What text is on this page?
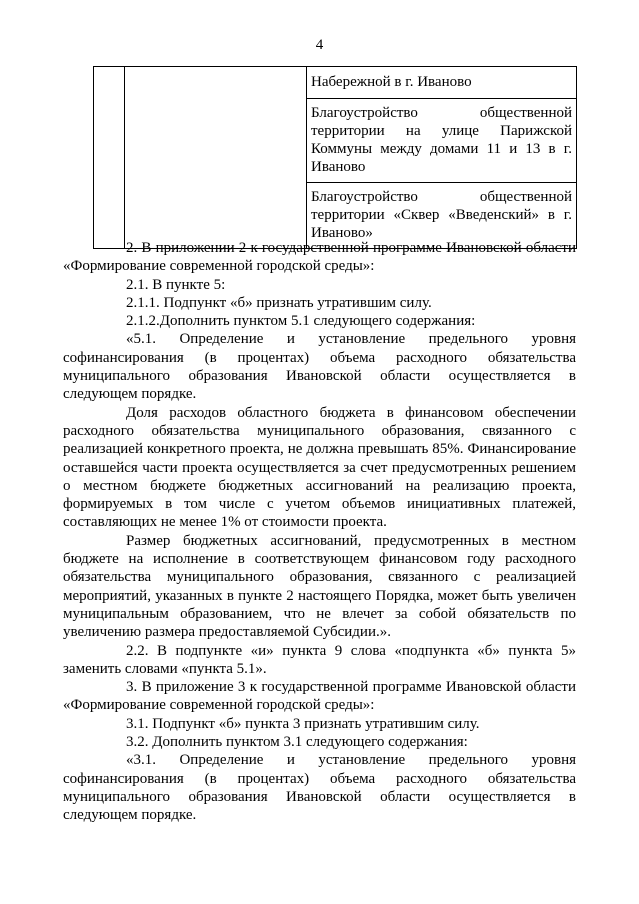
4
		Набережной в г. Иваново
Благоустройство общественной территории на улице Парижской Коммуны между домами 11 и 13 в г. Иваново
Благоустройство общественной территории «Сквер «Введенский» в г. Иваново»

2. В приложении 2 к государственной программе Ивановской области «Формирование современной городской среды»:

2.1. В пункте 5:

2.1.1. Подпункт «б» признать утратившим силу.

2.1.2.Дополнить пунктом 5.1 следующего содержания:

«5.1. Определение и установление предельного уровня софинансирования (в процентах) объема расходного обязательства муниципального образования Ивановской области осуществляется в следующем порядке.

Доля расходов областного бюджета в финансовом обеспечении расходного обязательства муниципального образования, связанного с реализацией конкретного проекта, не должна превышать 85%. Финансирование оставшейся части проекта осуществляется за счет предусмотренных решением о местном бюджете бюджетных ассигнований на реализацию проекта, формируемых в том числе с учетом объемов инициативных платежей, составляющих не менее 1% от стоимости проекта.

Размер бюджетных ассигнований, предусмотренных в местном бюджете на исполнение в соответствующем финансовом году расходного обязательства муниципального образования, связанного с реализацией мероприятий, указанных в пункте 2 настоящего Порядка, может быть увеличен муниципальным образованием, что не влечет за собой обязательств по увеличению размера предоставляемой Субсидии.».

2.2. В подпункте «и» пункта 9 слова «подпункта «б» пункта 5» заменить словами «пункта 5.1».

3. В приложение 3 к государственной программе Ивановской области «Формирование современной городской среды»:

3.1. Подпункт «б» пункта 3 признать утратившим силу.

3.2. Дополнить пунктом 3.1 следующего содержания:

«3.1. Определение и установление предельного уровня софинансирования (в процентах) объема расходного обязательства муниципального образования Ивановской области осуществляется в следующем порядке.
